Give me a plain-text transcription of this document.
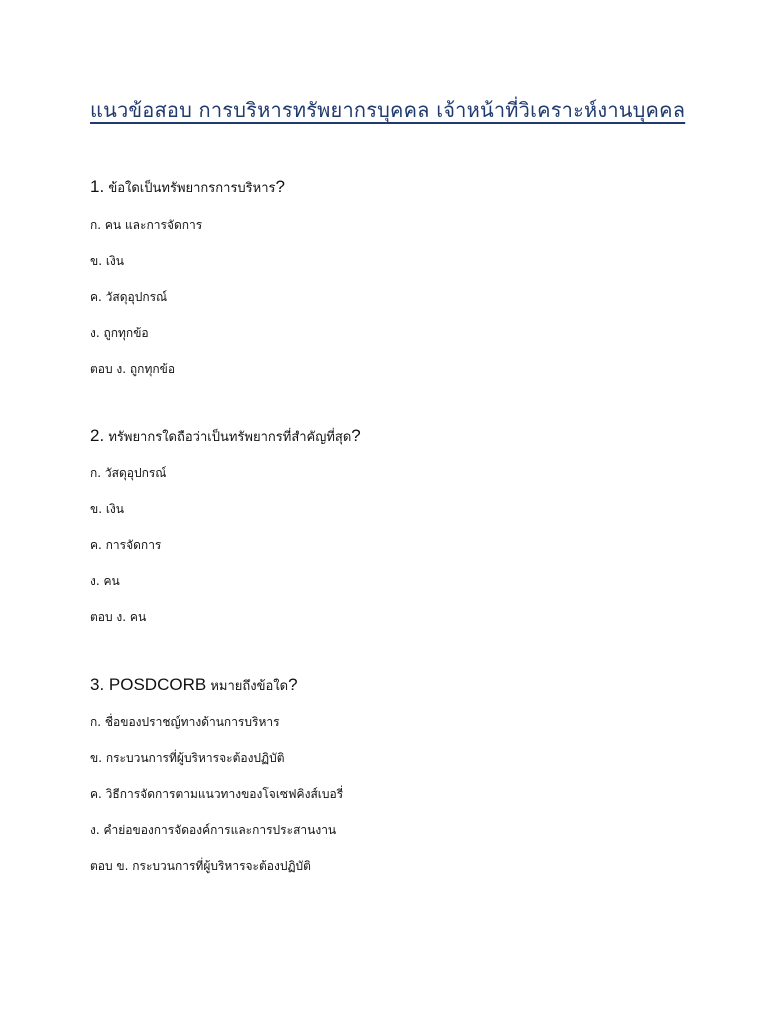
แนวข้อสอบ การบริหารทรัพยากรบุคคล เจ้าหน้าที่วิเคราะห์งานบุคคล

1. ข้อใดเป็นทรัพยากรการบริหาร?

ก. คน และการจัดการ
ข. เงิน
ค. วัสดุอุปกรณ์
ง. ถูกทุกข้อ
ตอบ ง. ถูกทุกข้อ

2. ทรัพยากรใดถือว่าเป็นทรัพยากรที่สำคัญที่สุด?

ก. วัสดุอุปกรณ์
ข. เงิน
ค. การจัดการ
ง. คน
ตอบ ง. คน

3. POSDCORB หมายถึงข้อใด?

ก. ชื่อของปราชญ์ทางด้านการบริหาร
ข. กระบวนการที่ผู้บริหารจะต้องปฏิบัติ
ค. วิธีการจัดการตามแนวทางของโจเซฟคิงส์เบอรี่
ง. คำย่อของการจัดองค์การและการประสานงาน
ตอบ ข. กระบวนการที่ผู้บริหารจะต้องปฏิบัติ
